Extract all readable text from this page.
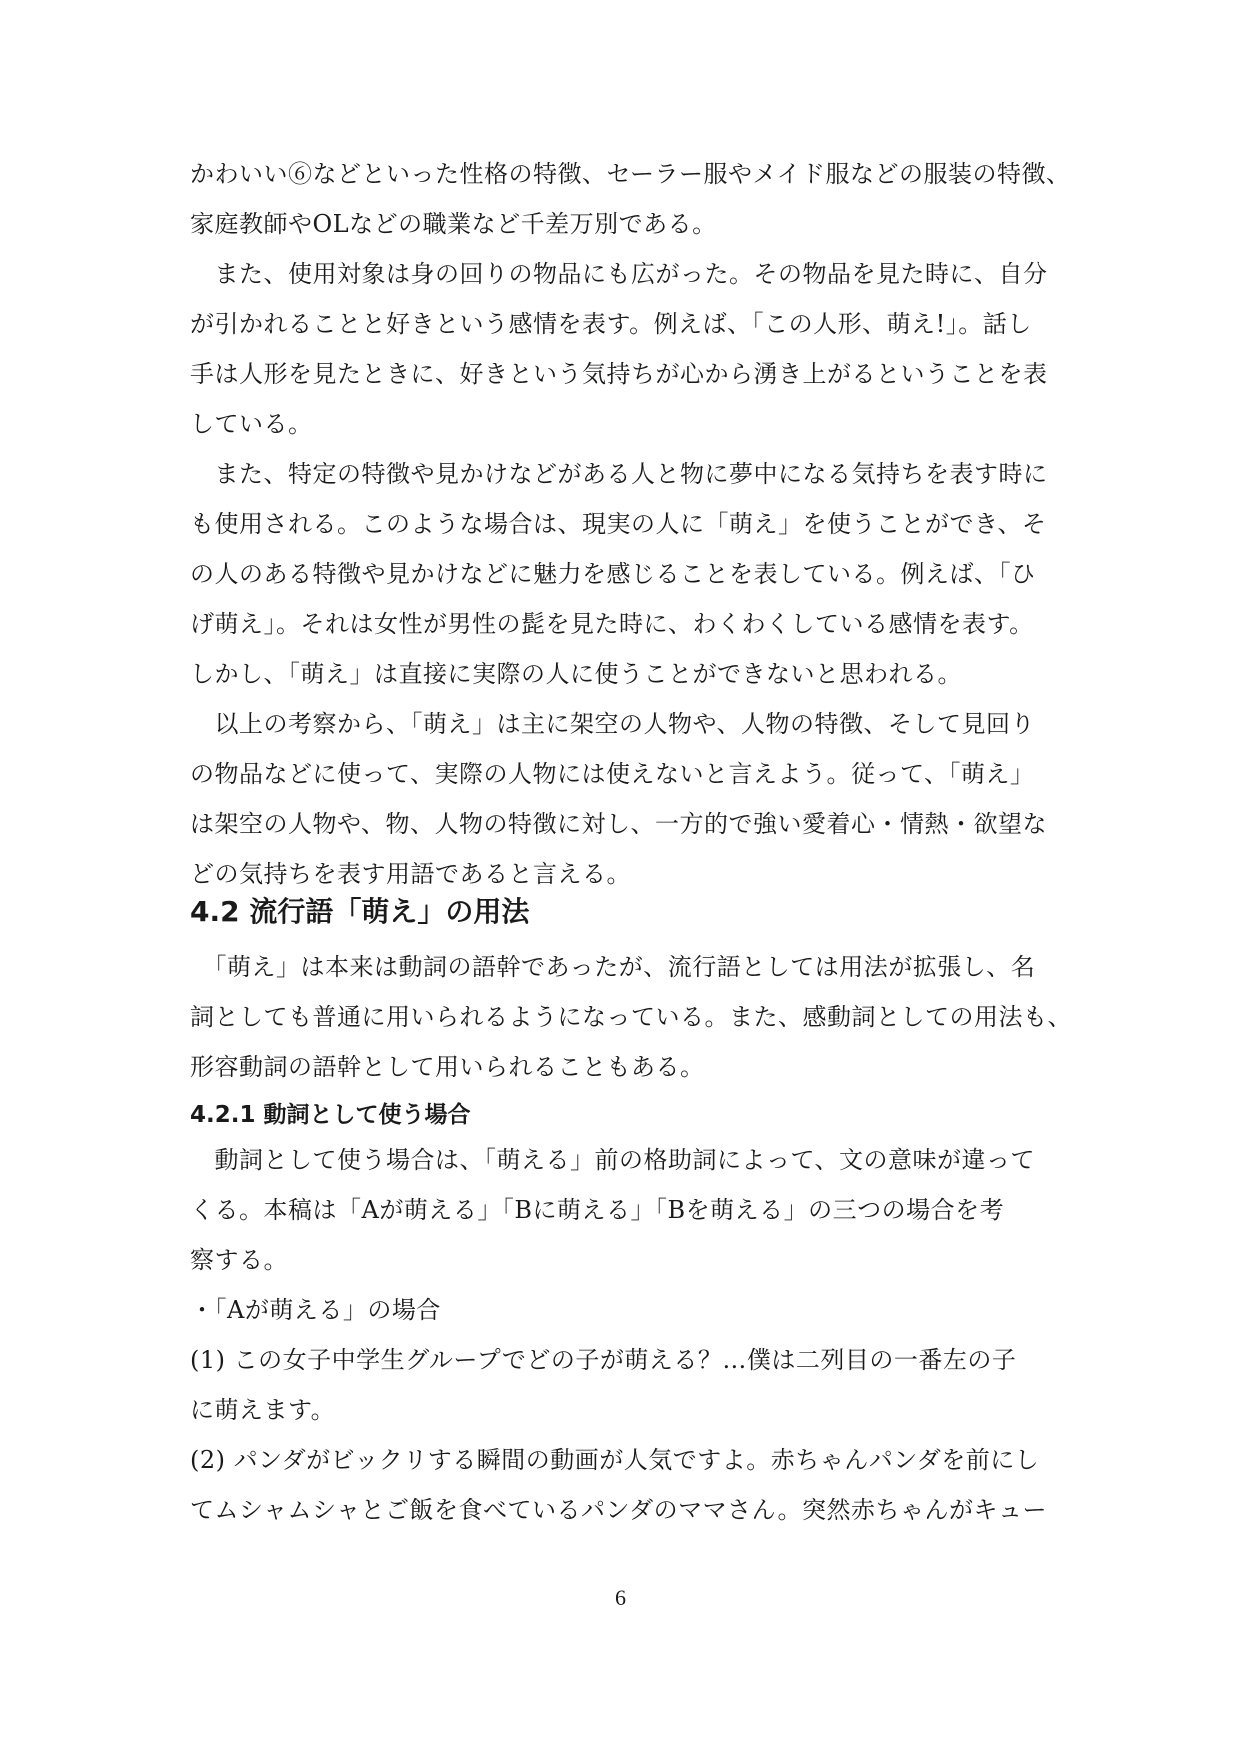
かわいい⑥などといった性格の特徴、セーラー服やメイド服などの服装の特徴、
家庭教師やOLなどの職業など千差万別である。
　また、使用対象は身の回りの物品にも広がった。その物品を見た時に、自分
が引かれることと好きという感情を表す。例えば、「この人形、萌え!」。話し
手は人形を見たときに、好きという気持ちが心から湧き上がるということを表
している。
　また、特定の特徴や見かけなどがある人と物に夢中になる気持ちを表す時に
も使用される。このような場合は、現実の人に「萌え」を使うことができ、そ
の人のある特徴や見かけなどに魅力を感じることを表している。例えば、「ひ
げ萌え」。それは女性が男性の髭を見た時に、わくわくしている感情を表す。
しかし、「萌え」は直接に実際の人に使うことができないと思われる。
　以上の考察から、「萌え」は主に架空の人物や、人物の特徴、そして見回り
の物品などに使って、実際の人物には使えないと言えよう。従って、「萌え」
は架空の人物や、物、人物の特徴に対し、一方的で強い愛着心・情熱・欲望な
どの気持ちを表す用語であると言える。
4.2 流行語「萌え」の用法
　「萌え」は本来は動詞の語幹であったが、流行語としては用法が拡張し、名
詞としても普通に用いられるようになっている。また、感動詞としての用法も、
形容動詞の語幹として用いられることもある。
4.2.1 動詞として使う場合
　動詞として使う場合は、「萌える」前の格助詞によって、文の意味が違って
くる。本稿は「Aが萌える」「Bに萌える」「Bを萌える」の三つの場合を考
察する。
・「Aが萌える」の場合
(1) この女子中学生グループでどの子が萌える？…僕は二列目の一番左の子
に萌えます。
(2) パンダがビックリする瞬間の動画が人気ですよ。赤ちゃんパンダを前にし
てムシャムシャとご飯を食べているパンダのママさん。突然赤ちゃんがキュー
6
